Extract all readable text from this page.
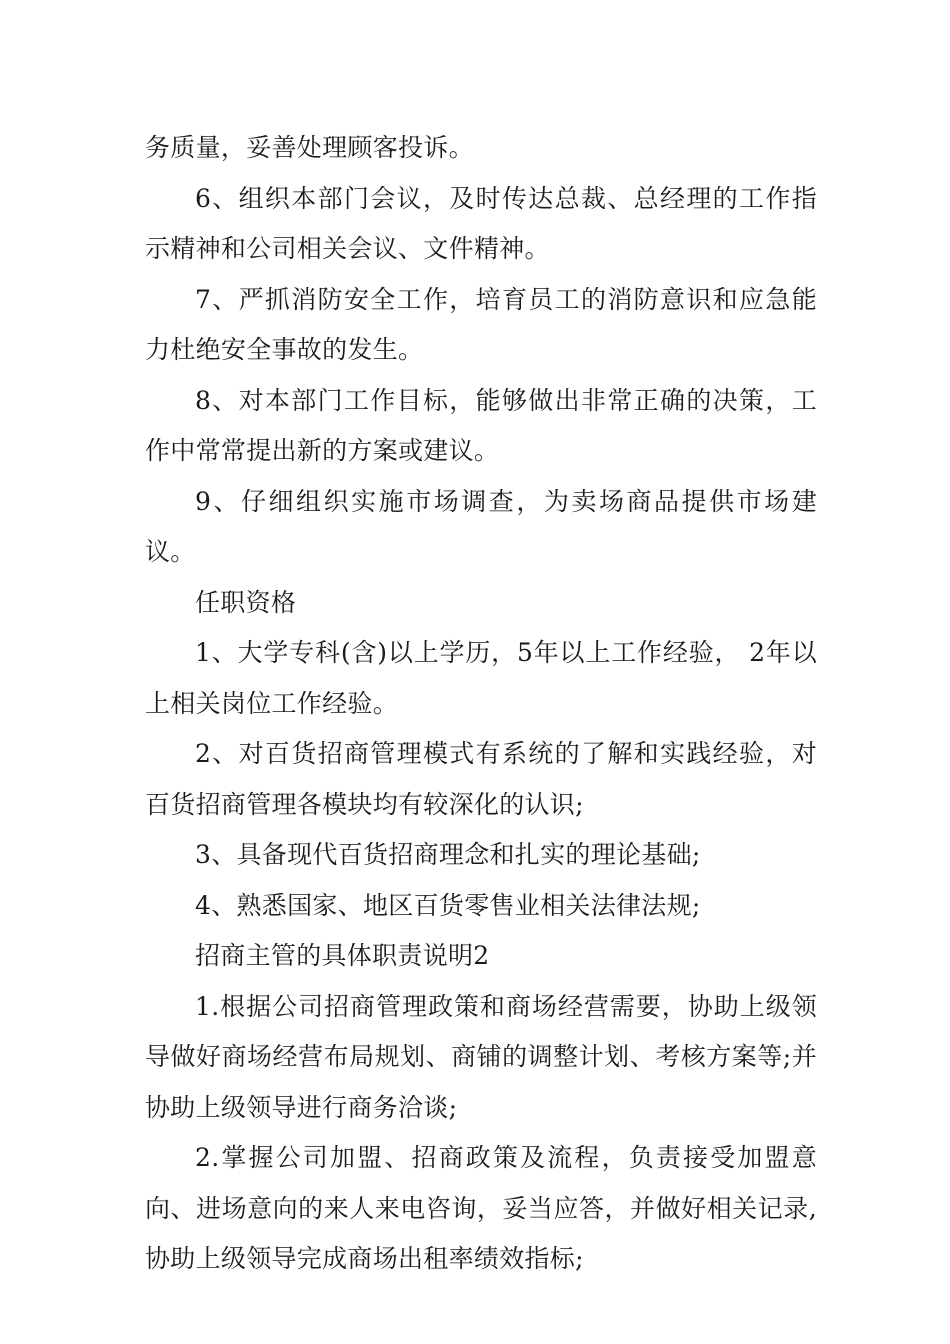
务质量，妥善处理顾客投诉。

6、组织本部门会议，及时传达总裁、总经理的工作指示精神和公司相关会议、文件精神。

7、严抓消防安全工作，培育员工的消防意识和应急能力杜绝安全事故的发生。

8、对本部门工作目标，能够做出非常正确的决策，工作中常常提出新的方案或建议。

9、仔细组织实施市场调查，为卖场商品提供市场建议。

任职资格

1、大学专科(含)以上学历，5年以上工作经验， 2年以上相关岗位工作经验。

2、对百货招商管理模式有系统的了解和实践经验，对百货招商管理各模块均有较深化的认识;

3、具备现代百货招商理念和扎实的理论基础;

4、熟悉国家、地区百货零售业相关法律法规;

招商主管的具体职责说明2

1.根据公司招商管理政策和商场经营需要，协助上级领导做好商场经营布局规划、商铺的调整计划、考核方案等;并协助上级领导进行商务洽谈;

2.掌握公司加盟、招商政策及流程，负责接受加盟意向、进场意向的来人来电咨询，妥当应答，并做好相关记录,协助上级领导完成商场出租率绩效指标;
